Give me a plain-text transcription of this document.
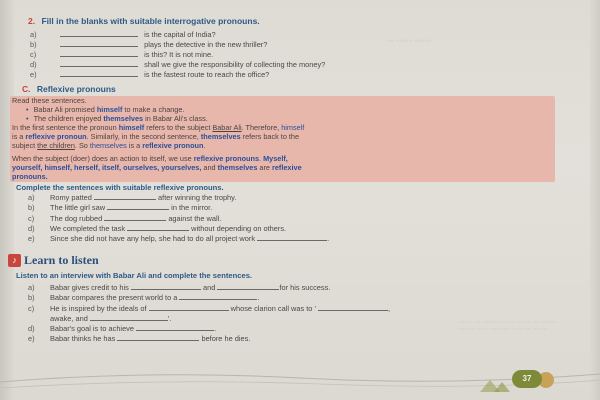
2. Fill in the blanks with suitable interrogative pronouns.
a)	is the capital of India?
b)	plays the detective in the new thriller?
c)	is this? It is not mine.
d)	shall we give the responsibility of collecting the money?
e)	is the fastest route to reach the office?
~ ~~~ ~~~
C. Reflexive pronouns
Read these sentences.
• Babar Ali promised himself to make a change.
• The children enjoyed themselves in Babar Ali's class.
In the first sentence the pronoun himself refers to the subject Babar Ali. Therefore, himself
is a reflexive pronoun. Similarly, in the second sentence, themselves refers back to the
subject the children. So themselves is a reflexive pronoun.
When the subject (doer) does an action to itself, we use reflexive pronouns. Myself,
yourself, himself, herself, itself, ourselves, yourselves, and themselves are reflexive
pronouns.
Complete the sentences with suitable reflexive pronouns.
a) Romy patted	after winning the trophy.
b) The little girl saw	in the mirror.
c) The dog rubbed	against the wall.
d) We completed the task	without depending on others.
e) Since she did not have any help, she had to do all project work	.
♪ Learn to listen
Listen to an interview with Babar Ali and complete the sentences.
a) Babar gives credit to his	and	for his success.
b) Babar compares the present world to a	.
c) He is inspired by the ideals of	whose clarion call was to '	,
awake, and	'.
d) Babar's goal is to achieve	.
e) Babar thinks he has	before he dies.
~~~~ ~~ ~~~~~~ ~~~ ~~~~ ~~ ~~~~ ~~~~~ ~~~ ~~~~~~ ~~~ ~~ ~~~~
37
